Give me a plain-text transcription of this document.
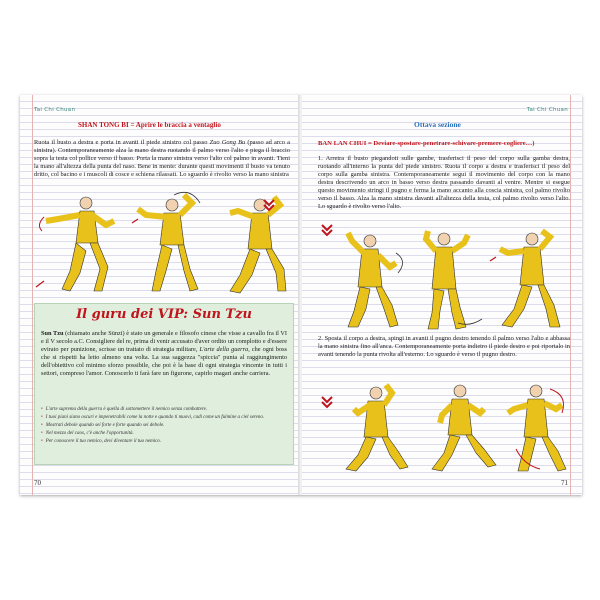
Tai Chi Chuan
SHAN TONG BI = Aprire le braccia a ventaglio
Ruota il busto a destra e porta in avanti il piede sinistro col passo Zuo Gong Bu (passo ad arco a sinistra). Contemporaneamente alza la mano destra ruotando il palmo verso l'alto e piega il braccio sopra la testa col pollice verso il basso. Porta la mano sinistra verso l'alto col palmo in avanti. Tieni la mano all'altezza della punta del naso. Bene in mente: durante questi movimenti il busto va tenuto dritto, col bacino e i muscoli di cosce e schiena rilassati. Lo sguardo è rivolto verso la mano sinistra
Il guru dei VIP: Sun Tzu
Sun Tzu (chiamato anche Sūnzi) è stato un generale e filosofo cinese che visse a cavallo fra il VI e il V secolo a.C. Consigliere del re, prima di venir accusato d'aver ordito un complotto e d'essere evirato per punizione, scrisse un trattato di strategia militare, L'arte della guerra, che ogni boss che si rispetti ha letto almeno una volta. La sua saggezza "spiccia" punta al raggiungimento dell'obiettivo col minimo sforzo possibile, che poi è la base di ogni strategia vincente in tutti i settori, compreso l'amor. Conoscerlo ti farà fare un figurone, capirlo magari anche carriera.
• L'arte suprema della guerra è quella di sottomettere il nemico senza combattere.
• I tuoi piani siano oscuri e impenetrabili come la notte e quando ti muovi, cadi come un fulmine a ciel sereno.
• Mostrati debole quando sei forte e forte quando sei debole.
• Nel mezzo del caos, c'è anche l'opportunità.
• Per conoscere il tuo nemico, devi diventare il tuo nemico.
70
Tai Chi Chuan
Ottava sezione
BAN LAN CHUI = Deviare-spostare-penetrare-schivare-premere-cogliere…)
1. Arretra il busto piegandoti sulle gambe, trasferisci il peso del corpo sulla gamba destra, ruotando all'interno la punta del piede sinistro. Ruota il corpo a destra e trasferisci il peso del corpo sulla gamba sinistra. Contemporaneamente segui il movimento del corpo con la mano destra descrivendo un arco in basso verso destra passando davanti al ventre. Mentre si esegue questo movimento stringi il pugno e ferma la mano accanto alla coscia sinistra, col palmo rivolto verso il basso. Alza la mano sinistra davanti all'altezza della testa, col palmo rivolto verso l'alto. Lo sguardo è rivolto verso l'alto.
2. Sposta il corpo a destra, spingi in avanti il pugno destro tenendo il palmo verso l'alto e abbassa la mano sinistra fino all'anca. Contemporaneamente porta indietro il piede destro e poi riportalo in avanti tenendo la punta rivolta all'esterno. Lo sguardo è verso il pugno destro.
71
